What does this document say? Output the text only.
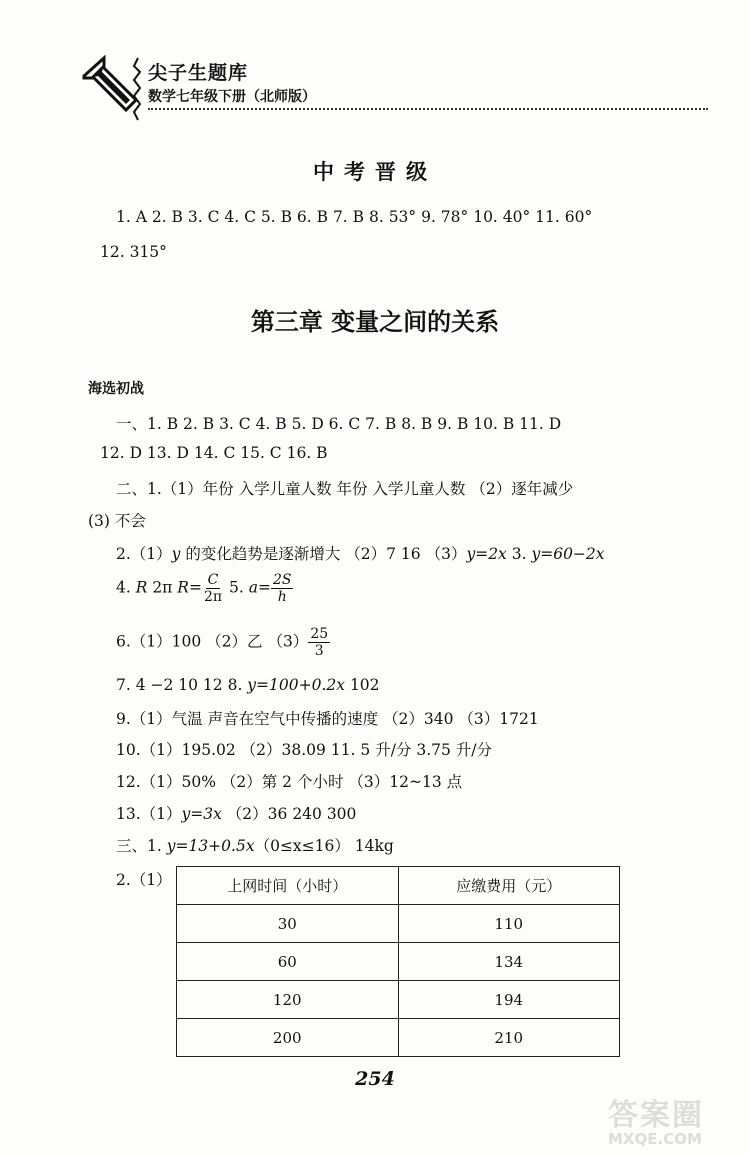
尖子生题库
数学七年级下册（北师版）
中考晋级
1. A 2. B 3. C 4. C 5. B 6. B 7. B 8. 53° 9. 78° 10. 40° 11. 60°
12. 315°
第三章 变量之间的关系
海选初战
一、1. B 2. B 3. C 4. B 5. D 6. C 7. B 8. B 9. B 10. B 11. D
12. D 13. D 14. C 15. C 16. B
二、1.（1）年份 入学儿童人数 年份 入学儿童人数 （2）逐年减少
(3) 不会
2.（1）y 的变化趋势是逐渐增大 （2）7 16 （3）y=2x 3. y=60−2x
4. R 2π $R= \frac{C}{2\pi} 5$. $a= \frac{2S}{h}$
6.（1）100 （2）乙 $(3) \frac{25}{3}$
7. 4 −2 10 12 8. y=100+0.2x 102
9.（1）气温 声音在空气中传播的速度 （2）340 （3）1721
10.（1）195.02 （2）38.09 11. 5 升/分 3.75 升/分
12.（1）50% （2）第 2 个小时 （3）12~13 点
13.（1）y=3x （2）36 240 300
三、1. y=13+0.5x（0≤x≤16） 14kg
2.（1）	上网时间（小时）	应缴费用（元）
30	110
60	134
120	194
200	210
254
答案圈
MXQE.COM
